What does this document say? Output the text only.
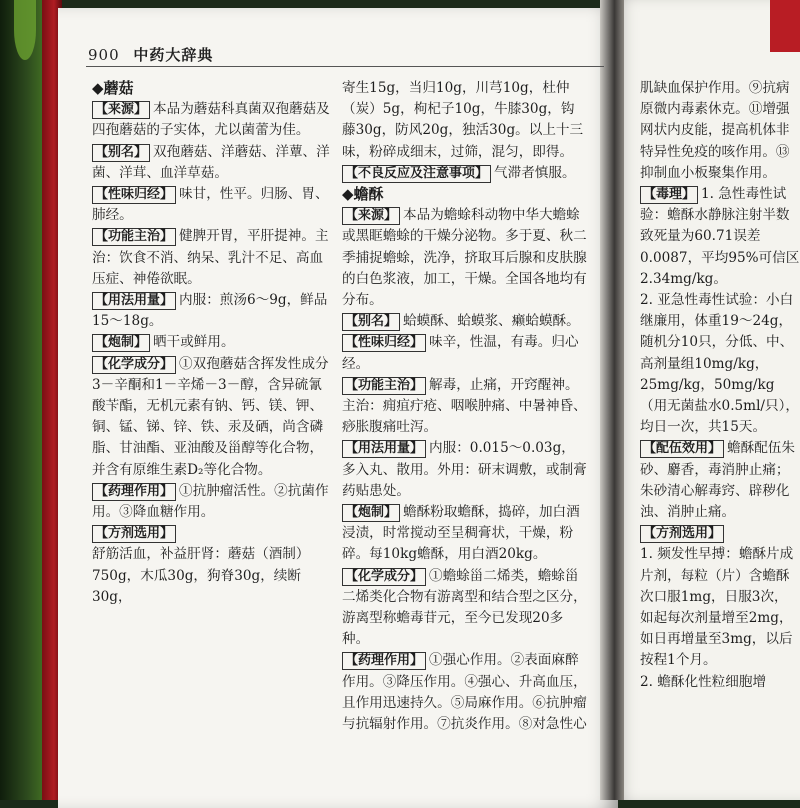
900 中药大辞典

◆蘑菇

【来源】 本品为蘑菇科真菌双孢蘑菇及四孢蘑菇的子实体，尤以菌蕾为佳。

【别名】 双孢蘑菇、洋蘑菇、洋蕈、洋菌、洋茸、血洋草菇。

【性味归经】 味甘，性平。归肠、胃、肺经。

【功能主治】 健脾开胃，平肝提神。主治：饮食不消、纳呆、乳汁不足、高血压症、神倦欲眠。

【用法用量】 内服：煎汤6～9g，鲜品15～18g。

【炮制】 晒干或鲜用。

【化学成分】 ①双孢蘑菇含挥发性成分3－辛酮和1－辛烯－3－醇，含异硫氰酸苄酯，无机元素有钠、钙、镁、钾、铜、锰、锑、锌、铁、汞及硒，尚含磷脂、甘油酯、亚油酸及甾醇等化合物，并含有原维生素D₂等化合物。

【药理作用】 ①抗肿瘤活性。②抗菌作用。③降血糖作用。

【方剂选用】

舒筋活血，补益肝肾：蘑菇（酒制）750g，木瓜30g，狗脊30g，续断30g，

寄生15g，当归10g，川芎10g，杜仲（炭）5g，枸杞子10g，牛膝30g，钩藤30g，防风20g，独活30g。以上十三味，粉碎成细末，过筛，混匀，即得。

【不良反应及注意事项】 气滞者慎服。

◆蟾酥

【来源】 本品为蟾蜍科动物中华大蟾蜍或黑眶蟾蜍的干燥分泌物。多于夏、秋二季捕捉蟾蜍，洗净，挤取耳后腺和皮肤腺的白色浆液，加工，干燥。全国各地均有分布。

【别名】 蛤蟆酥、蛤蟆浆、癞蛤蟆酥。

【性味归经】 味辛，性温，有毒。归心经。

【功能主治】 解毒，止痛，开窍醒神。主治：痈疽疔疮、咽喉肿痛、中暑神昏、痧胀腹痛吐泻。

【用法用量】 内服：0.015～0.03g，多入丸、散用。外用：研末调敷，或制膏药贴患处。

【炮制】 蟾酥粉取蟾酥，捣碎，加白酒浸渍，时常搅动至呈稠膏状，干燥，粉碎。每10kg蟾酥，用白酒20kg。

【化学成分】 ①蟾蜍甾二烯类，蟾蜍甾二烯类化合物有游离型和结合型之区分，游离型称蟾毒苷元，至今已发现20多种。

【药理作用】 ①强心作用。②表面麻醉作用。③降压作用。④强心、升高血压，且作用迅速持久。⑤局麻作用。⑥抗肿瘤与抗辐射作用。⑦抗炎作用。⑧对急性心

肌缺血保护作用。⑨抗病原微内毒素休克。⑪增强网状内皮能，提高机体非特异性免疫的咳作用。⑬抑制血小板聚集作用。

【毒理】 1. 急性毒性试验：蟾酥水静脉注射半数致死量为60.71误差0.0087，平均95%可信区2.34mg/kg。

2. 亚急性毒性试验：小白继廉用，体重19～24g，随机分10只，分低、中、高剂量组10mg/kg，25mg/kg，50mg/kg（用无菌盐水0.5ml/只），均日一次，共15天。

【配伍效用】 蟾酥配伍朱砂、麝香，毒消肿止痛；朱砂清心解毒窍、辟秽化浊、消肿止痛。

【方剂选用】

1. 频发性早搏：蟾酥片成片剂，每粒（片）含蟾酥次口服1mg，日服3次，如起每次剂量增至2mg，如日再增量至3mg，以后按程1个月。

2. 蟾酥化性粒细胞增
